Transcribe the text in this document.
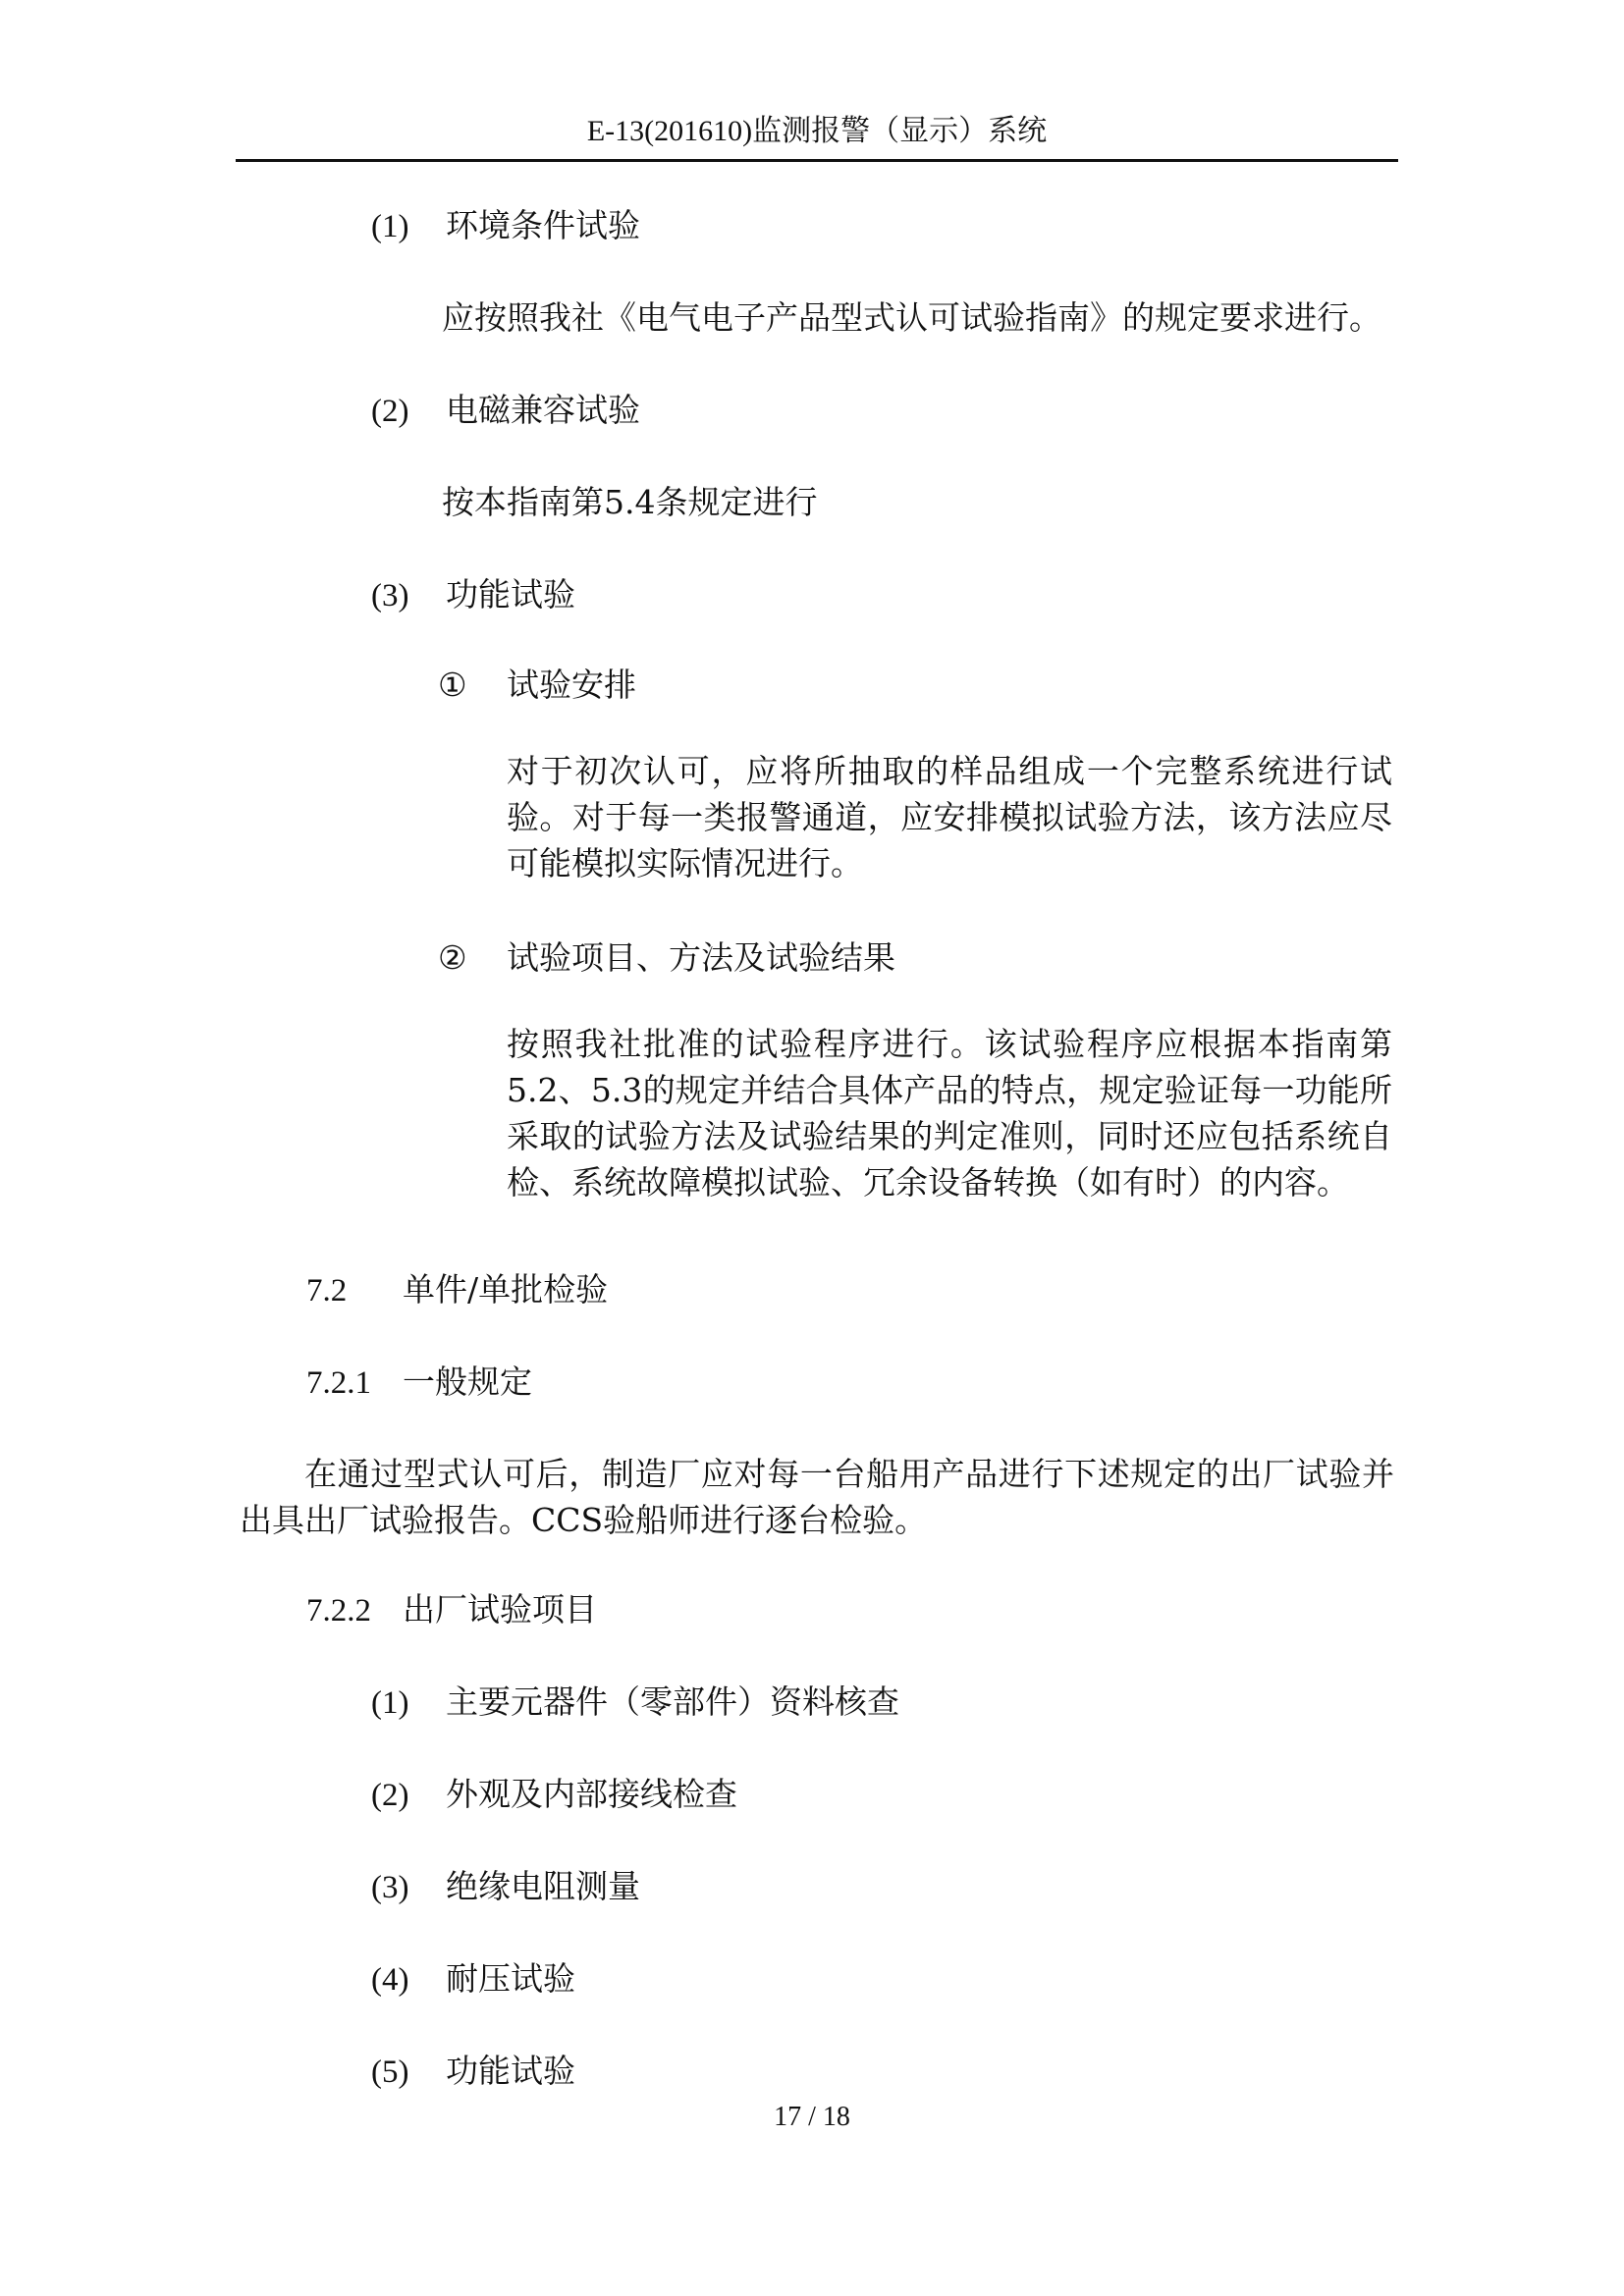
E-13(201610)监测报警（显示）系统
(1) 环境条件试验
应按照我社《电气电子产品型式认可试验指南》的规定要求进行。
(2) 电磁兼容试验
按本指南第5.4条规定进行
(3) 功能试验
① 试验安排
对于初次认可，应将所抽取的样品组成一个完整系统进行试验。对于每一类报警通道，应安排模拟试验方法，该方法应尽可能模拟实际情况进行。
② 试验项目、方法及试验结果
按照我社批准的试验程序进行。该试验程序应根据本指南第5.2、5.3的规定并结合具体产品的特点，规定验证每一功能所采取的试验方法及试验结果的判定准则，同时还应包括系统自检、系统故障模拟试验、冗余设备转换（如有时）的内容。
7.2 单件/单批检验
7.2.1 一般规定
在通过型式认可后，制造厂应对每一台船用产品进行下述规定的出厂试验并出具出厂试验报告。CCS验船师进行逐台检验。
7.2.2 出厂试验项目
(1) 主要元器件（零部件）资料核查
(2) 外观及内部接线检查
(3) 绝缘电阻测量
(4) 耐压试验
(5) 功能试验
17 / 18
